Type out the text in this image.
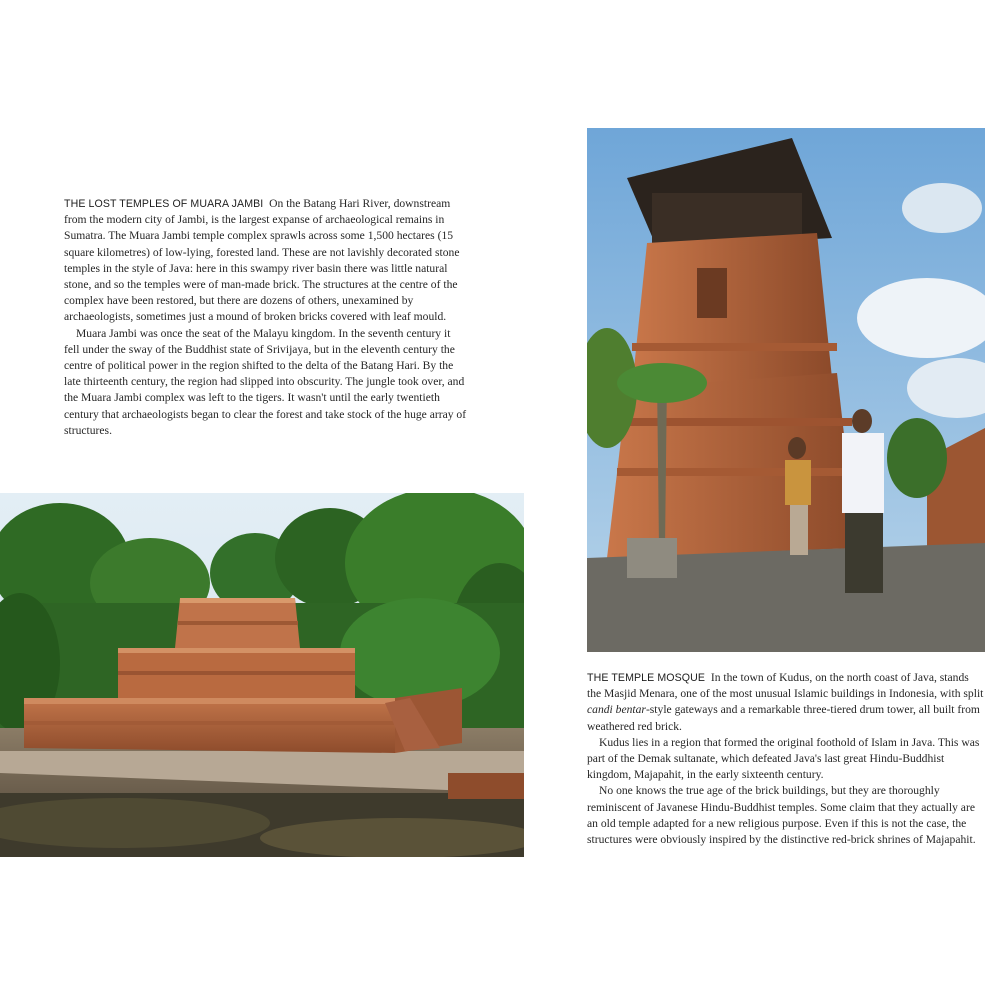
THE LOST TEMPLES OF MUARA JAMBI On the Batang Hari River, downstream from the modern city of Jambi, is the largest expanse of archaeological remains in Sumatra. The Muara Jambi temple complex sprawls across some 1,500 hectares (15 square kilometres) of low-lying, forested land. These are not lavishly decorated stone temples in the style of Java: here in this swampy river basin there was little natural stone, and so the temples were of man-made brick. The structures at the centre of the complex have been restored, but there are dozens of others, unexamined by archaeologists, sometimes just a mound of broken bricks covered with leaf mould.

Muara Jambi was once the seat of the Malayu kingdom. In the seventh century it fell under the sway of the Buddhist state of Srivijaya, but in the eleventh century the centre of political power in the region shifted to the delta of the Batang Hari. By the late thirteenth century, the region had slipped into obscurity. The jungle took over, and the Muara Jambi complex was left to the tigers. It wasn't until the early twentieth century that archaeologists began to clear the forest and take stock of the huge array of structures.

THE TEMPLE MOSQUE In the town of Kudus, on the north coast of Java, stands the Masjid Menara, one of the most unusual Islamic buildings in Indonesia, with split candi bentar-style gateways and a remarkable three-tiered drum tower, all built from weathered red brick.

Kudus lies in a region that formed the original foothold of Islam in Java. This was part of the Demak sultanate, which defeated Java's last great Hindu-Buddhist kingdom, Majapahit, in the early sixteenth century.

No one knows the true age of the brick buildings, but they are thoroughly reminiscent of Javanese Hindu-Buddhist temples. Some claim that they actually are an old temple adapted for a new religious purpose. Even if this is not the case, the structures were obviously inspired by the distinctive red-brick shrines of Majapahit.
